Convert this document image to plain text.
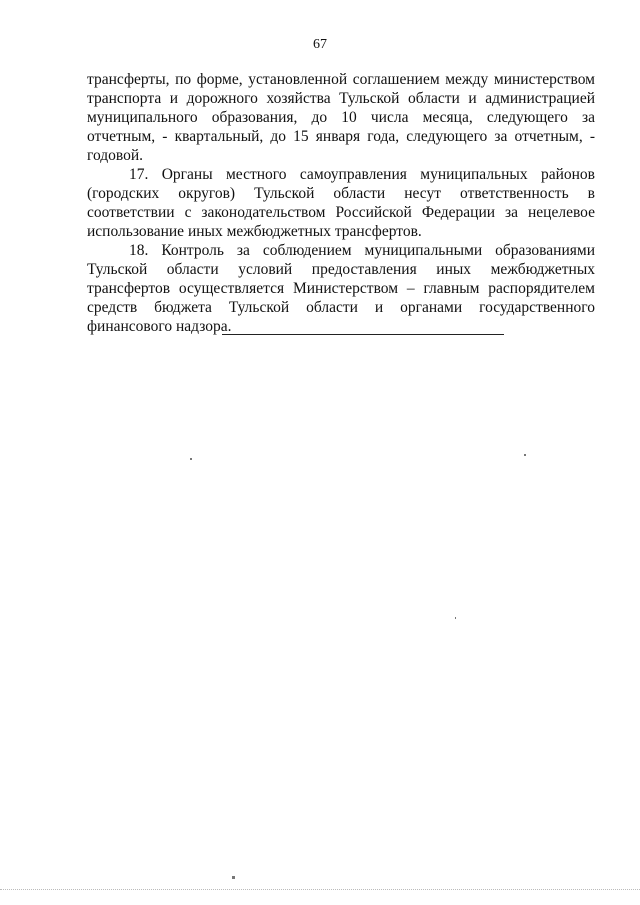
67

трансферты, по форме, установленной соглашением между министерством транспорта и дорожного хозяйства Тульской области и администрацией муниципального образования, до 10 числа месяца, следующего за отчетным, - квартальный, до 15 января года, следующего за отчетным, - годовой.

17. Органы местного самоуправления муниципальных районов (городских округов) Тульской области несут ответственность в соответствии с законодательством Российской Федерации за нецелевое использование иных межбюджетных трансфертов.

18. Контроль за соблюдением муниципальными образованиями Тульской области условий предоставления иных межбюджетных трансфертов осуществляется Министерством – главным распорядителем средств бюджета Тульской области и органами государственного финансового надзора.
